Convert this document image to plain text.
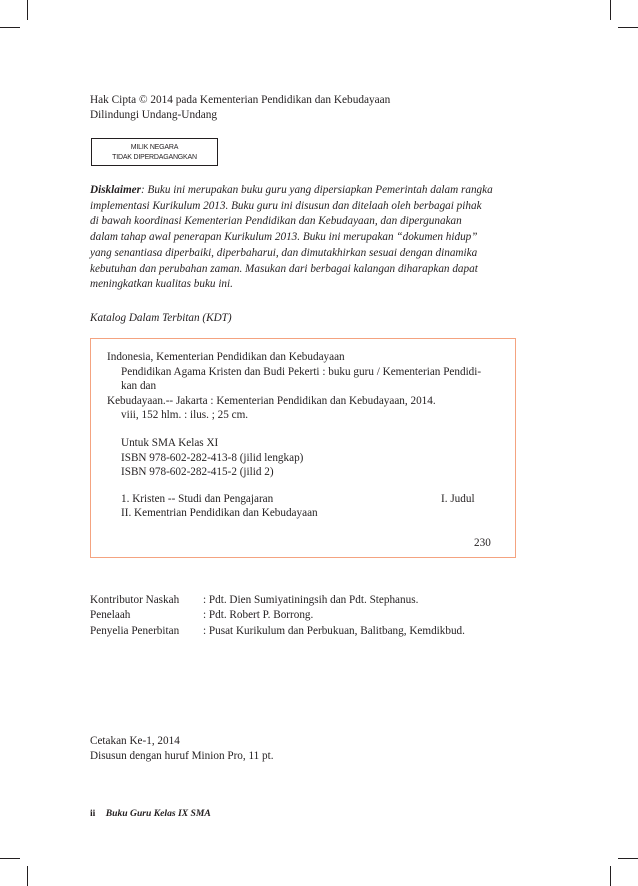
Hak Cipta © 2014 pada Kementerian Pendidikan dan Kebudayaan
Dilindungi Undang-Undang
MILIK NEGARA
TIDAK DIPERDAGANGKAN
Disklaimer: Buku ini merupakan buku guru yang dipersiapkan Pemerintah dalam rangka
implementasi Kurikulum 2013. Buku guru ini disusun dan ditelaah oleh berbagai pihak
di bawah koordinasi Kementerian Pendidikan dan Kebudayaan, dan dipergunakan
dalam tahap awal penerapan Kurikulum 2013. Buku ini merupakan “dokumen hidup”
yang senantiasa diperbaiki, diperbaharui, dan dimutakhirkan sesuai dengan dinamika
kebutuhan dan perubahan zaman. Masukan dari berbagai kalangan diharapkan dapat
meningkatkan kualitas buku ini.
Katalog Dalam Terbitan (KDT)
Indonesia, Kementerian Pendidikan dan Kebudayaan
Pendidikan Agama Kristen dan Budi Pekerti : buku guru / Kementerian Pendidi-
kan dan
Kebudayaan.-- Jakarta : Kementerian Pendidikan dan Kebudayaan, 2014.
viii, 152 hlm. : ilus. ; 25 cm.
Untuk SMA Kelas XI
ISBN 978-602-282-413-8 (jilid lengkap)
ISBN 978-602-282-415-2 (jilid 2)
1. Kristen -- Studi dan Pengajaran	I. Judul
II. Kementrian Pendidikan dan Kebudayaan
230
Kontributor Naskah : Pdt. Dien Sumiyatiningsih dan Pdt. Stephanus.
Penelaah	: Pdt. Robert P. Borrong.
Penyelia Penerbitan : Pusat Kurikulum dan Perbukuan, Balitbang, Kemdikbud.
Cetakan Ke-1, 2014
Disusun dengan huruf Minion Pro, 11 pt.
ii Buku Guru Kelas IX SMA
